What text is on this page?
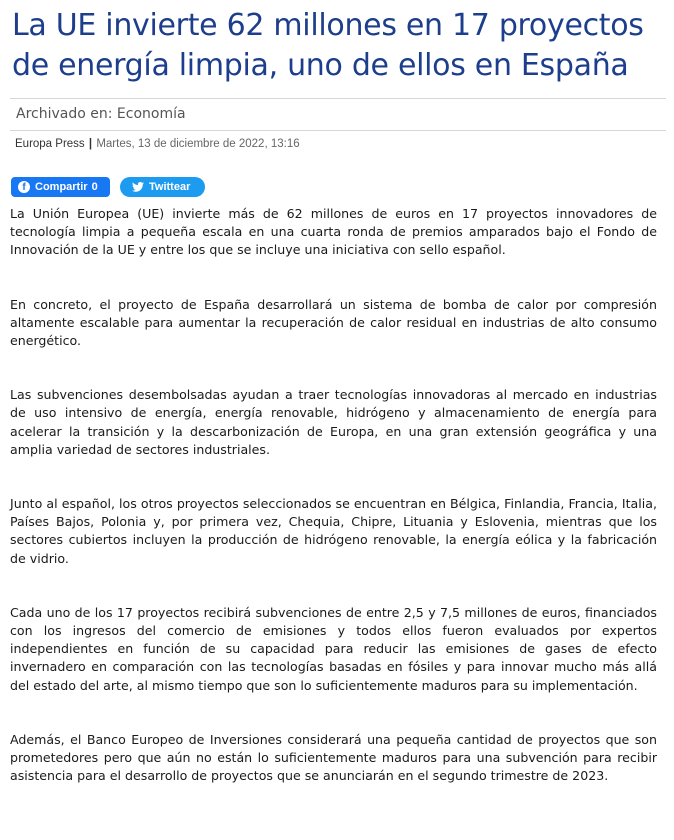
La UE invierte 62 millones en 17 proyectos de energía limpia, uno de ellos en España
Archivado en: Economía
Europa Press | Martes, 13 de diciembre de 2022, 13:16
f Compartir 0	Twittear

La Unión Europea (UE) invierte más de 62 millones de euros en 17 proyectos innovadores de tecnología limpia a pequeña escala en una cuarta ronda de premios amparados bajo el Fondo de Innovación de la UE y entre los que se incluye una iniciativa con sello español.

En concreto, el proyecto de España desarrollará un sistema de bomba de calor por compresión altamente escalable para aumentar la recuperación de calor residual en industrias de alto consumo energético.

Las subvenciones desembolsadas ayudan a traer tecnologías innovadoras al mercado en industrias de uso intensivo de energía, energía renovable, hidrógeno y almacenamiento de energía para acelerar la transición y la descarbonización de Europa, en una gran extensión geográfica y una amplia variedad de sectores industriales.

Junto al español, los otros proyectos seleccionados se encuentran en Bélgica, Finlandia, Francia, Italia, Países Bajos, Polonia y, por primera vez, Chequia, Chipre, Lituania y Eslovenia, mientras que los sectores cubiertos incluyen la producción de hidrógeno renovable, la energía eólica y la fabricación de vidrio.

Cada uno de los 17 proyectos recibirá subvenciones de entre 2,5 y 7,5 millones de euros, financiados con los ingresos del comercio de emisiones y todos ellos fueron evaluados por expertos independientes en función de su capacidad para reducir las emisiones de gases de efecto invernadero en comparación con las tecnologías basadas en fósiles y para innovar mucho más allá del estado del arte, al mismo tiempo que son lo suficientemente maduros para su implementación.

Además, el Banco Europeo de Inversiones considerará una pequeña cantidad de proyectos que son prometedores pero que aún no están lo suficientemente maduros para una subvención para recibir asistencia para el desarrollo de proyectos que se anunciarán en el segundo trimestre de 2023.
